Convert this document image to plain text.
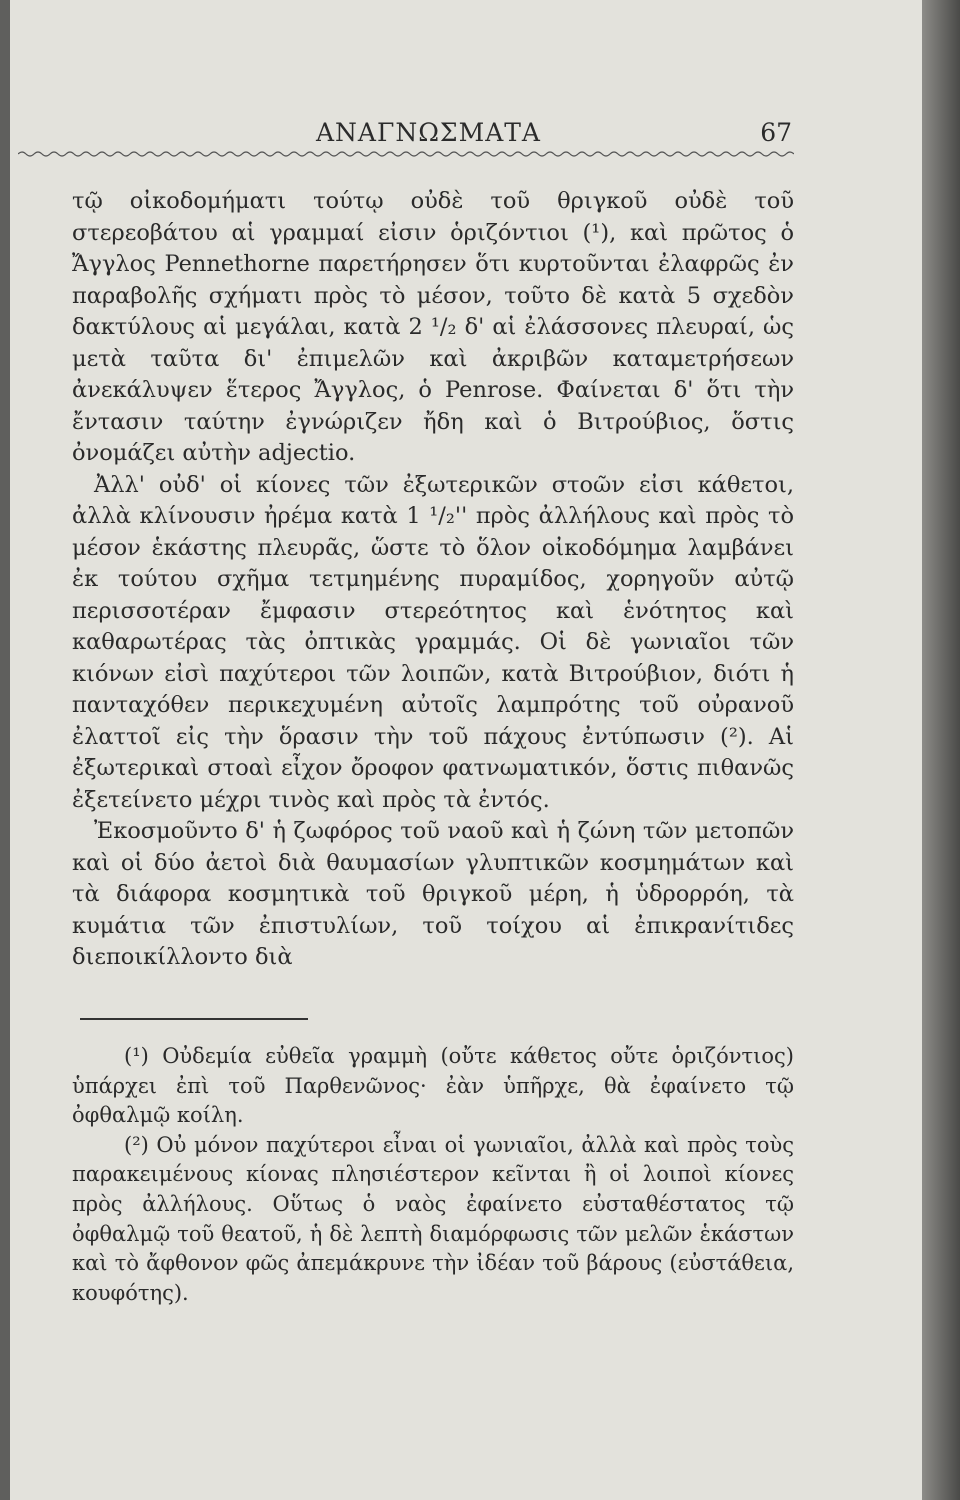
ΑΝΑΓΝΩΣΜΑΤΑ	67

τῷ οἰκοδομήματι τούτῳ οὐδὲ τοῦ θριγκοῦ οὐδὲ τοῦ στερεοβάτου αἱ γραμμαί εἰσιν ὁριζόντιοι (¹), καὶ πρῶτος ὁ Ἄγγλος Pennethorne παρετήρησεν ὅτι κυρτοῦνται ἐλαφρῶς ἐν παραβολῆς σχήματι πρὸς τὸ μέσον, τοῦτο δὲ κατὰ 5 σχεδὸν δακτύλους αἱ μεγάλαι, κατὰ 2 ¹/₂ δ' αἱ ἐλάσσονες πλευραί, ὡς μετὰ ταῦτα δι' ἐπιμελῶν καὶ ἀκριβῶν καταμετρήσεων ἀνεκάλυψεν ἕτερος Ἄγγλος, ὁ Penrose. Φαίνεται δ' ὅτι τὴν ἔντασιν ταύτην ἐγνώριζεν ἤδη καὶ ὁ Βιτρούβιος, ὅστις ὀνομάζει αὐτὴν adjectio.

Ἀλλ' οὐδ' οἱ κίονες τῶν ἐξωτερικῶν στοῶν εἰσι κάθετοι, ἀλλὰ κλίνουσιν ἠρέμα κατὰ 1 ¹/₂'' πρὸς ἀλλήλους καὶ πρὸς τὸ μέσον ἑκάστης πλευρᾶς, ὥστε τὸ ὅλον οἰκοδόμημα λαμβάνει ἐκ τούτου σχῆμα τετμημένης πυραμίδος, χορηγοῦν αὐτῷ περισσοτέραν ἔμφασιν στερεότητος καὶ ἑνότητος καὶ καθαρωτέρας τὰς ὀπτικὰς γραμμάς. Οἱ δὲ γωνιαῖοι τῶν κιόνων εἰσὶ παχύτεροι τῶν λοιπῶν, κατὰ Βιτρούβιον, διότι ἡ πανταχόθεν περικεχυμένη αὐτοῖς λαμπρότης τοῦ οὐρανοῦ ἐλαττοῖ εἰς τὴν ὅρασιν τὴν τοῦ πάχους ἐντύπωσιν (²). Αἱ ἐξωτερικαὶ στοαὶ εἶχον ὄροφον φατνωματικόν, ὅστις πιθανῶς ἐξετείνετο μέχρι τινὸς καὶ πρὸς τὰ ἐντός.

Ἐκοσμοῦντο δ' ἡ ζωφόρος τοῦ ναοῦ καὶ ἡ ζώνη τῶν μετοπῶν καὶ οἱ δύο ἀετοὶ διὰ θαυμασίων γλυπτικῶν κοσμημάτων καὶ τὰ διάφορα κοσμητικὰ τοῦ θριγκοῦ μέρη, ἡ ὑδρορρόη, τὰ κυμάτια τῶν ἐπιστυλίων, τοῦ τοίχου αἱ ἐπικρανίτιδες διεποικίλλοντο διὰ

(¹) Οὐδεμία εὐθεῖα γραμμὴ (οὔτε κάθετος οὔτε ὁριζόντιος) ὑπάρχει ἐπὶ τοῦ Παρθενῶνος· ἐὰν ὑπῆρχε, θὰ ἐφαίνετο τῷ ὀφθαλμῷ κοίλη.

(²) Οὐ μόνον παχύτεροι εἶναι οἱ γωνιαῖοι, ἀλλὰ καὶ πρὸς τοὺς παρακειμένους κίονας πλησιέστερον κεῖνται ἢ οἱ λοιποὶ κίονες πρὸς ἀλλήλους. Οὕτως ὁ ναὸς ἐφαίνετο εὐσταθέστατος τῷ ὀφθαλμῷ τοῦ θεατοῦ, ἡ δὲ λεπτὴ διαμόρφωσις τῶν μελῶν ἑκάστων καὶ τὸ ἄφθονον φῶς ἀπεμάκρυνε τὴν ἰδέαν τοῦ βάρους (εὐστάθεια, κουφότης).
